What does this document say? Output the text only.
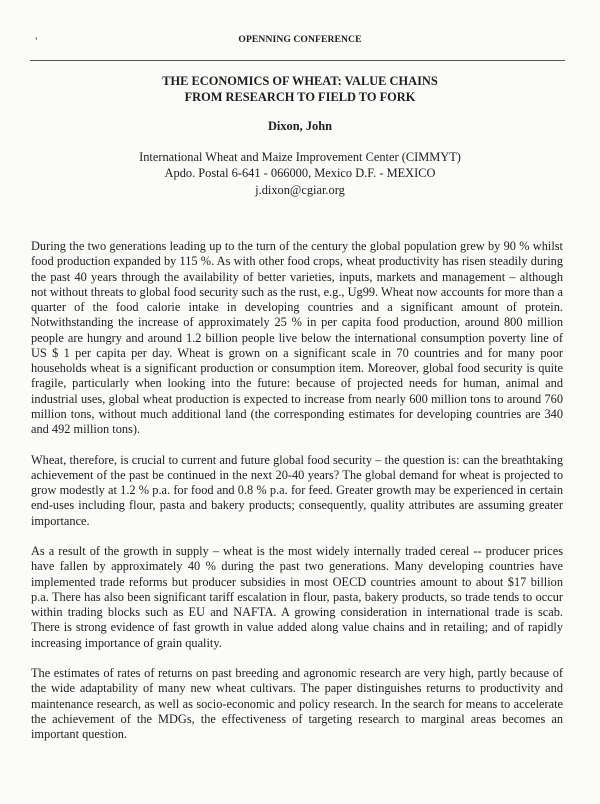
'	OPENNING CONFERENCE
THE ECONOMICS OF WHEAT: VALUE CHAINS
FROM RESEARCH TO FIELD TO FORK
Dixon, John
International Wheat and Maize Improvement Center (CIMMYT)
Apdo. Postal 6-641 - 066000, Mexico D.F. - MEXICO
j.dixon@cgiar.org

During the two generations leading up to the turn of the century the global population grew by 90 % whilst food production expanded by 115 %. As with other food crops, wheat productivity has risen steadily during the past 40 years through the availability of better varieties, inputs, markets and management – although not without threats to global food security such as the rust, e.g., Ug99. Wheat now accounts for more than a quarter of the food calorie intake in developing countries and a significant amount of protein. Notwithstanding the increase of approximately 25 % in per capita food production, around 800 million people are hungry and around 1.2 billion people live below the international consumption poverty line of US $ 1 per capita per day. Wheat is grown on a significant scale in 70 countries and for many poor households wheat is a significant production or consumption item. Moreover, global food security is quite fragile, particularly when looking into the future: because of projected needs for human, animal and industrial uses, global wheat production is expected to increase from nearly 600 million tons to around 760 million tons, without much additional land (the corresponding estimates for developing countries are 340 and 492 million tons).

Wheat, therefore, is crucial to current and future global food security – the question is: can the breathtaking achievement of the past be continued in the next 20-40 years? The global demand for wheat is projected to grow modestly at 1.2 % p.a. for food and 0.8 % p.a. for feed. Greater growth may be experienced in certain end-uses including flour, pasta and bakery products; consequently, quality attributes are assuming greater importance.

As a result of the growth in supply – wheat is the most widely internally traded cereal -- producer prices have fallen by approximately 40 % during the past two generations. Many developing countries have implemented trade reforms but producer subsidies in most OECD countries amount to about $17 billion p.a. There has also been significant tariff escalation in flour, pasta, bakery products, so trade tends to occur within trading blocks such as EU and NAFTA. A growing consideration in international trade is scab. There is strong evidence of fast growth in value added along value chains and in retailing; and of rapidly increasing importance of grain quality.

The estimates of rates of returns on past breeding and agronomic research are very high, partly because of the wide adaptability of many new wheat cultivars. The paper distinguishes returns to productivity and maintenance research, as well as socio-economic and policy research. In the search for means to accelerate the achievement of the MDGs, the effectiveness of targeting research to marginal areas becomes an important question.
